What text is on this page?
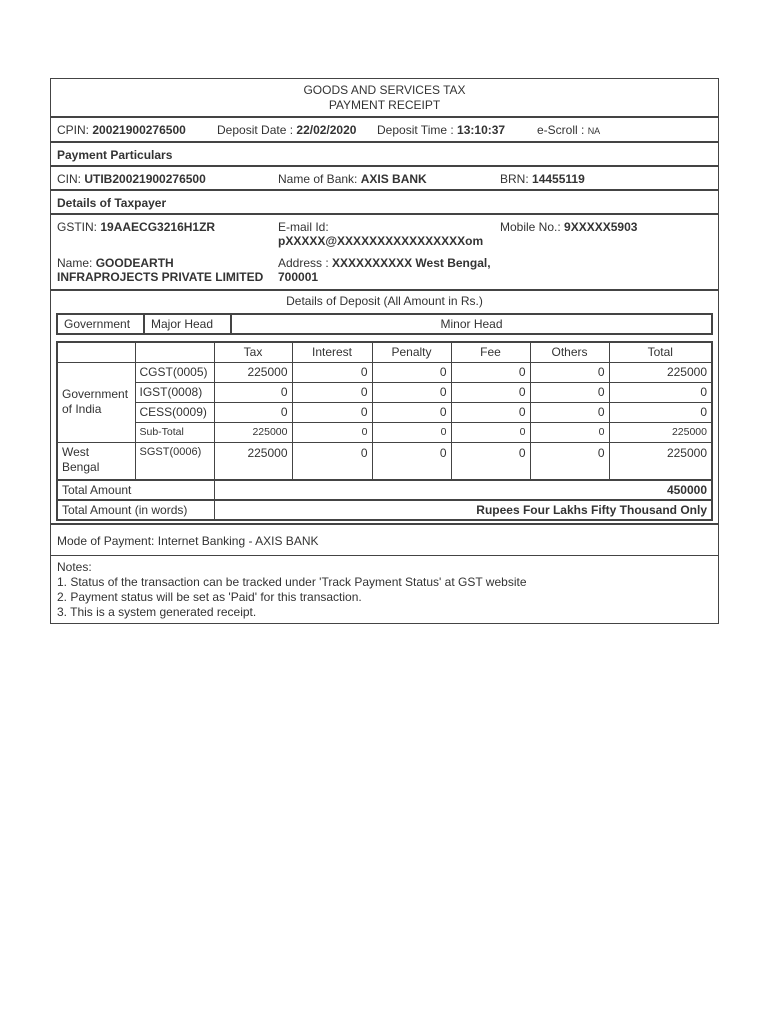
GOODS AND SERVICES TAX
PAYMENT RECEIPT
CPIN: 20021900276500	Deposit Date : 22/02/2020 Deposit Time : 13:10:37	e-Scroll : NA
Payment Particulars
CIN: UTIB20021900276500	Name of Bank: AXIS BANK	BRN: 14455119
Details of Taxpayer
GSTIN: 19AAECG3216H1ZR	E-mail Id:
pXXXXX@XXXXXXXXXXXXXXXXom
Mobile No.: 9XXXXX5903
Name: GOODEARTH
INFRAPROJECTS PRIVATE LIMITED
Address : XXXXXXXXXX West Bengal,
700001
Details of Deposit (All Amount in Rs.)
Government	Major Head	Minor Head
		Tax	Interest	Penalty	Fee	Others	Total

Government
of India	CGST(0005)	225000	0	0	0	0	225000
	IGST(0008)	0	0	0	0	0	0
	CESS(0009)	0	0	0	0	0	0
	Sub-Total	225000	0	0	0	0	225000

West
Bengal	SGST(0006)	225000	0	0	0	0	225000
Total Amount		450000					
Total Amount (in words)		Rupees Four Lakhs Fifty Thousand Only					
Mode of Payment: Internet Banking - AXIS BANK
Notes:
1. Status of the transaction can be tracked under 'Track Payment Status' at GST website
2. Payment status will be set as 'Paid' for this transaction.
3. This is a system generated receipt.
